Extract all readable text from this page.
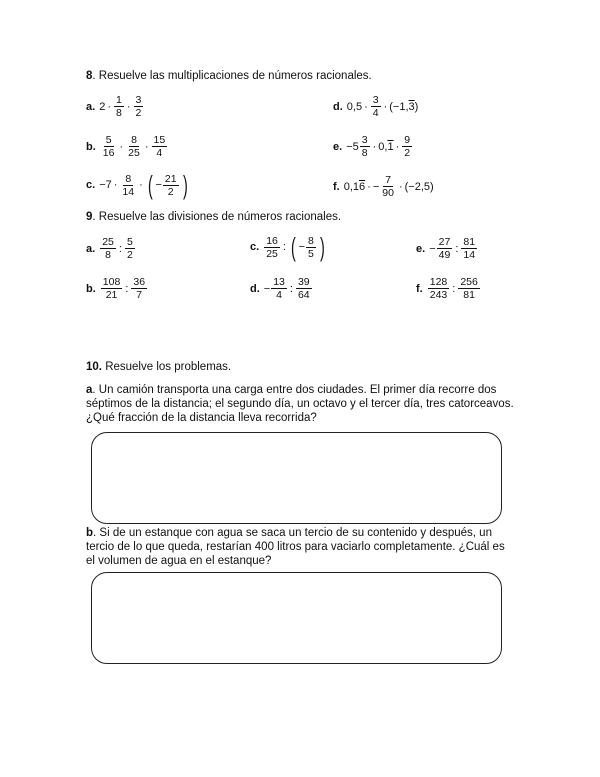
8. Resuelve las multiplicaciones de números racionales.
a. $2 \cdot \frac{1}{8} \cdot \frac{3}{2}$	d. $0,5 \cdot \frac{3}{4} \cdot (-1,3)$
b. $\frac{5}{16} \cdot \frac{8}{25} \cdot \frac{15}{4}$	e. $-5 \frac{3}{8} \cdot 0,1 \cdot \frac{9}{2}$
c. $-7 \cdot \frac{8}{14}$ · ( − $\frac{21}{2}$ )	f. 0,16 · − $\frac{7}{90} \cdot (-2,5)$
9. Resuelve las divisiones de números racionales.
a. $\frac{25}{8}$ : $\frac{5}{2}$	c. $\frac{16}{25}$ : ( − $\frac{8}{5}$ )	e. − $\frac{27}{49}$ : $\frac{81}{14}$
b. $\frac{108}{21}$ : $\frac{36}{7}$	d. − $\frac{13}{4}$ : $\frac{39}{64}$	f. $\frac{128}{243}$ : $\frac{256}{81}$
10. Resuelve los problemas.
a. Un camión transporta una carga entre dos ciudades. El primer día recorre dos séptimos de la distancia; el segundo día, un octavo y el tercer día, tres catorceavos. ¿Qué fracción de la distancia lleva recorrida?
b. Si de un estanque con agua se saca un tercio de su contenido y después, un tercio de lo que queda, restarían 400 litros para vaciarlo completamente. ¿Cuál es el volumen de agua en el estanque?
